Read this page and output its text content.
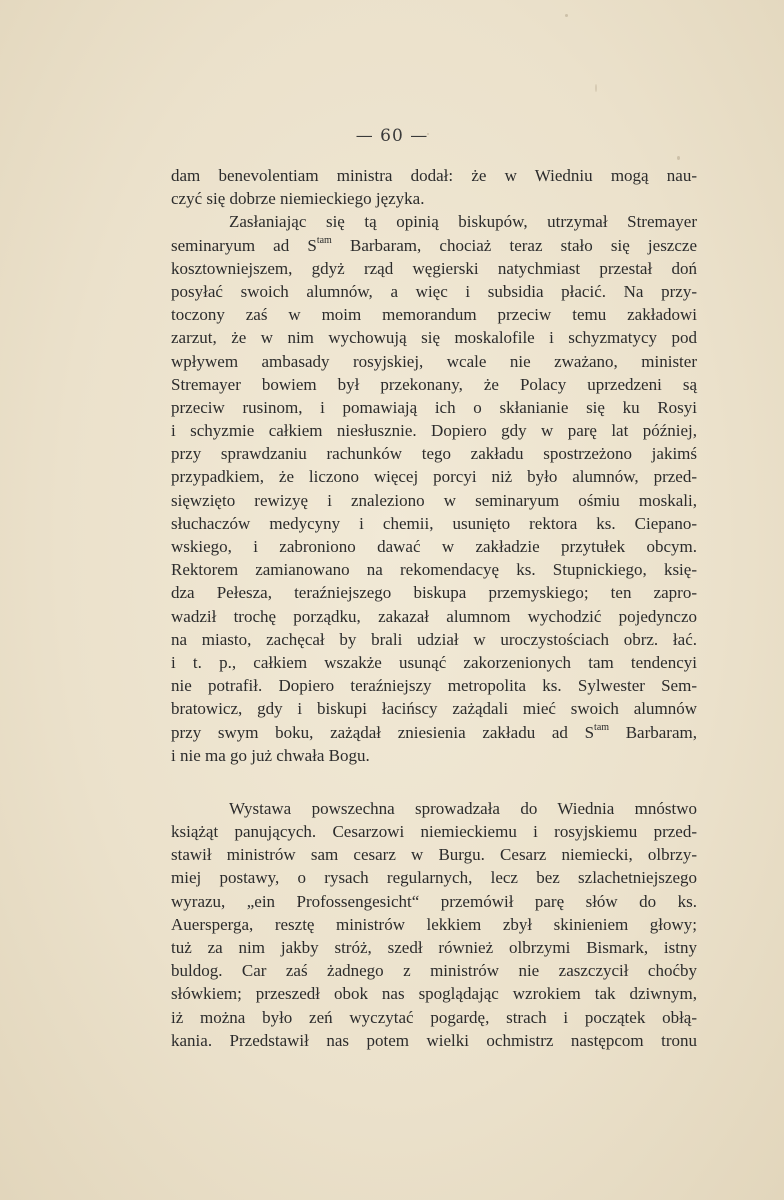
— 60 —
dam benevolentiam ministra dodał: że w Wiedniu mogą nau-
czyć się dobrze niemieckiego języka.
Zasłaniając się tą opinią biskupów, utrzymał Stremayer
seminaryum ad $S^{tam}$ Barbaram, chociaż teraz stało się jeszcze
kosztowniejszem, gdyż rząd węgierski natychmiast przestał doń
posyłać swoich alumnów, a więc i subsidia płacić. Na przy-
toczony zaś w moim memorandum przeciw temu zakładowi
zarzut, że w nim wychowują się moskalofile i schyzmatycy pod
wpływem ambasady rosyjskiej, wcale nie zważano, minister
Stremayer bowiem był przekonany, że Polacy uprzedzeni są
przeciw rusinom, i pomawiają ich o skłanianie się ku Rosyi
i schyzmie całkiem niesłusznie. Dopiero gdy w parę lat później,
przy sprawdzaniu rachunków tego zakładu spostrzeżono jakimś
przypadkiem, że liczono więcej porcyi niż było alumnów, przed-
sięwzięto rewizyę i znaleziono w seminaryum ośmiu moskali,
słuchaczów medycyny i chemii, usunięto rektora ks. Ciepano-
wskiego, i zabroniono dawać w zakładzie przytułek obcym.
Rektorem zamianowano na rekomendacyę ks. Stupnickiego, księ-
dza Pełesza, teraźniejszego biskupa przemyskiego; ten zapro-
wadził trochę porządku, zakazał alumnom wychodzić pojedynczo
na miasto, zachęcał by brali udział w uroczystościach obrz. łać.
i t. p., całkiem wszakże usunąć zakorzenionych tam tendencyi
nie potrafił. Dopiero teraźniejszy metropolita ks. Sylwester Sem-
bratowicz, gdy i biskupi łacińscy zażądali mieć swoich alumnów
przy swym boku, zażądał zniesienia zakładu ad $S^{tam}$ Barbaram,
i nie ma go już chwała Bogu.
Wystawa powszechna sprowadzała do Wiednia mnóstwo
książąt panujących. Cesarzowi niemieckiemu i rosyjskiemu przed-
stawił ministrów sam cesarz w Burgu. Cesarz niemiecki, olbrzy-
miej postawy, o rysach regularnych, lecz bez szlachetniejszego
wyrazu, „ein Profossengesicht“ przemówił parę słów do ks.
Auersperga, resztę ministrów lekkiem zbył skinieniem głowy;
tuż za nim jakby stróż, szedł również olbrzymi Bismark, istny
buldog. Car zaś żadnego z ministrów nie zaszczycił choćby
słówkiem; przeszedł obok nas spoglądając wzrokiem tak dziwnym,
iż można było zeń wyczytać pogardę, strach i początek obłą-
kania. Przedstawił nas potem wielki ochmistrz następcom tronu
